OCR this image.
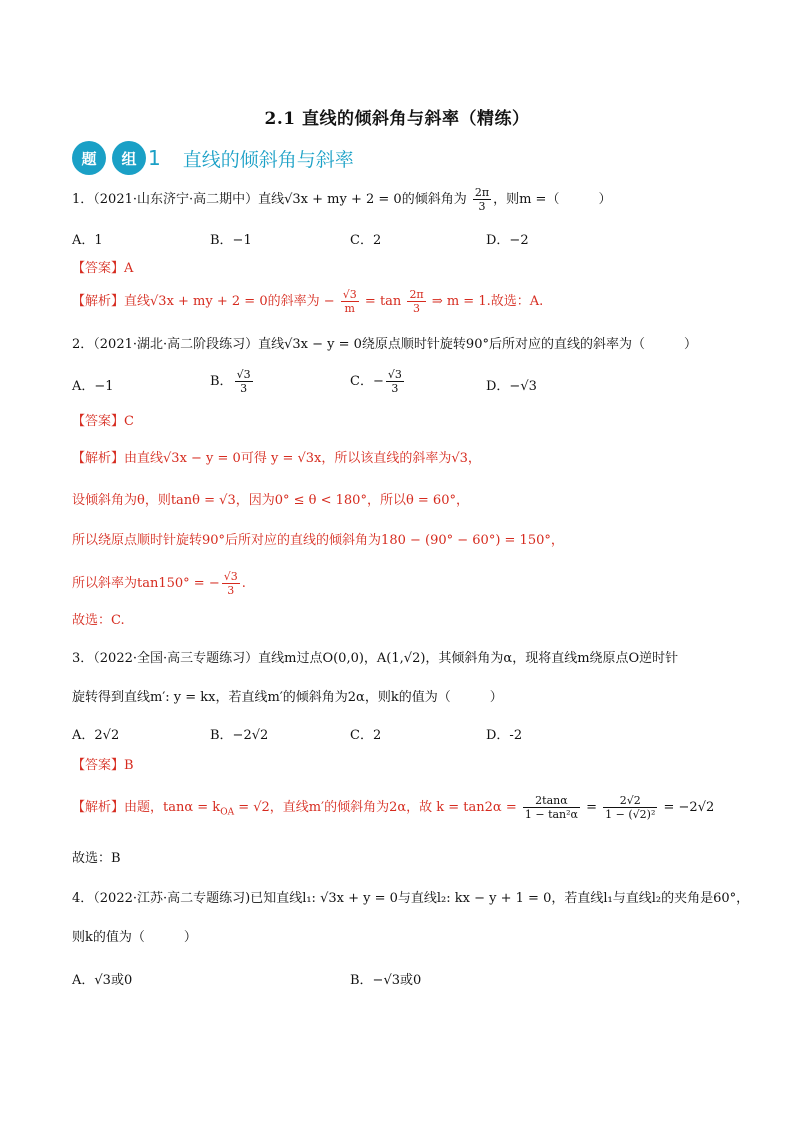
2.1 直线的倾斜角与斜率（精练）
题	组 1 直线的倾斜角与斜率
1．（2021·山东济宁·高二期中）直线√3x + my + 2 = 0的倾斜角为 $\frac{2\pi}{3}$ ，则m =（　　　）
A．1	B．−1	C．2	D．−2
【答案】A
【解析】直线√3x + my + 2 = 0的斜率为 − $\frac{√3}{m} = \tan \frac{2\pi}{3}$ ⇒ m = 1.故选：A.
2．（2021·湖北·高二阶段练习）直线√3x − y = 0绕原点顺时针旋转90°后所对应的直线的斜率为（　　　）
A．−1	B． $\frac{√3}{3}$	C．− $\frac{√3}{3}$	D．−√3
【答案】C
【解析】由直线√3x − y = 0可得 y = √3x，所以该直线的斜率为√3，
设倾斜角为θ，则tanθ = √3，因为0° ≤ θ < 180°，所以θ = 60°，
所以绕原点顺时针旋转90°后所对应的直线的倾斜角为180 − (90° − 60°) = 150°，
所以斜率为tan150° = − $\frac{√3}{3}$ .
故选：C.
3．（2022·全国·高三专题练习）直线m过点O(0,0)，A(1,√2)，其倾斜角为α，现将直线m绕原点O逆时针
旋转得到直线m′: y = kx，若直线m′的倾斜角为2α，则k的值为（　　　）
A．2√2	B．−2√2	C．2	D．-2
【答案】B
【解析】由题，$\tan\alpha = k_{OA} = √2$，直线m′的倾斜角为2α，故 $k = \tan 2\alpha = \frac{2\tan\alpha}{\text{1 − tan²α}} = \frac{2√2}{\text{1 − (√2)²}} = -2√2$
故选：B
4．（2022·江苏·高二专题练习)已知直线l₁: √3x + y = 0与直线l₂: kx − y + 1 = 0，若直线l₁与直线l₂的夹角是60°，
则k的值为（　　　）
A．√3或0	B．−√3或0
